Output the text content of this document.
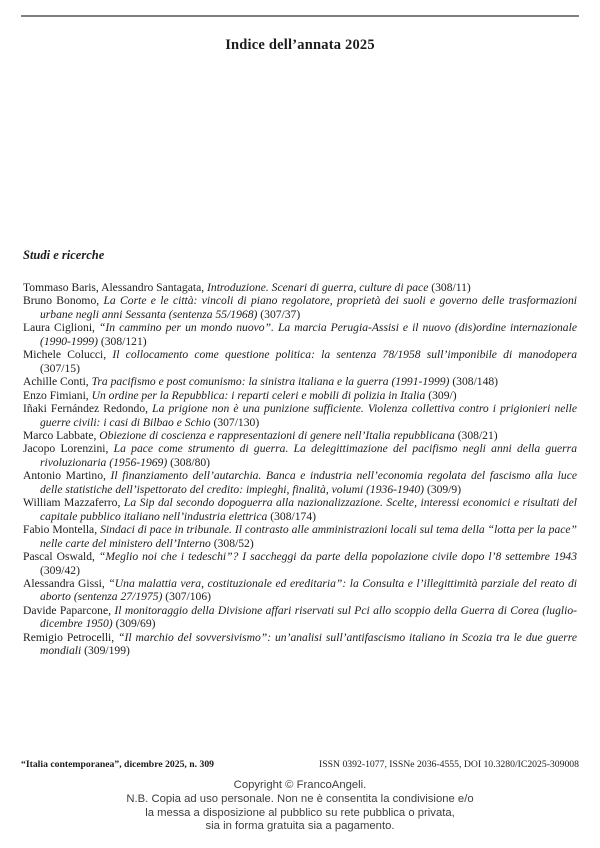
Indice dell’annata 2025
Studi e ricerche

Tommaso Baris, Alessandro Santagata, Introduzione. Scenari di guerra, culture di pace (308/11)

Bruno Bonomo, La Corte e le città: vincoli di piano regolatore, proprietà dei suoli e governo delle trasformazioni urbane negli anni Sessanta (sentenza 55/1968) (307/37)

Laura Ciglioni, “In cammino per un mondo nuovo”. La marcia Perugia-Assisi e il nuovo (dis)ordine internazionale (1990-1999) (308/121)

Michele Colucci, Il collocamento come questione politica: la sentenza 78/1958 sull’imponibile di manodopera (307/15)

Achille Conti, Tra pacifismo e post comunismo: la sinistra italiana e la guerra (1991-1999) (308/148)

Enzo Fimiani, Un ordine per la Repubblica: i reparti celeri e mobili di polizia in Italia (309/)

Iñaki Fernández Redondo, La prigione non è una punizione sufficiente. Violenza collettiva contro i prigionieri nelle guerre civili: i casi di Bilbao e Schio (307/130)

Marco Labbate, Obiezione di coscienza e rappresentazioni di genere nell’Italia repubblicana (308/21)

Jacopo Lorenzini, La pace come strumento di guerra. La delegittimazione del pacifismo negli anni della guerra rivoluzionaria (1956-1969) (308/80)

Antonio Martino, Il finanziamento dell’autarchia. Banca e industria nell’economia regolata del fascismo alla luce delle statistiche dell’ispettorato del credito: impieghi, finalità, volumi (1936-1940) (309/9)

William Mazzaferro, La Sip dal secondo dopoguerra alla nazionalizzazione. Scelte, interessi economici e risultati del capitale pubblico italiano nell’industria elettrica (308/174)

Fabio Montella, Sindaci di pace in tribunale. Il contrasto alle amministrazioni locali sul tema della “lotta per la pace” nelle carte del ministero dell’Interno (308/52)

Pascal Oswald, “Meglio noi che i tedeschi”? I saccheggi da parte della popolazione civile dopo l’8 settembre 1943 (309/42)

Alessandra Gissi, “Una malattia vera, costituzionale ed ereditaria”: la Consulta e l’illegittimità parziale del reato di aborto (sentenza 27/1975) (307/106)

Davide Paparcone, Il monitoraggio della Divisione affari riservati sul Pci allo scoppio della Guerra di Corea (luglio-dicembre 1950) (309/69)

Remigio Petrocelli, “Il marchio del sovversivismo”: un’analisi sull’antifascismo italiano in Scozia tra le due guerre mondiali (309/199)

“Italia contemporanea”, dicembre 2025, n. 309	ISSN 0392-1077, ISSNe 2036-4555, DOI 10.3280/IC2025-309008
Copyright © FrancoAngeli.
N.B. Copia ad uso personale. Non ne è consentita la condivisione e/o
la messa a disposizione al pubblico su rete pubblica o privata,
sia in forma gratuita sia a pagamento.
